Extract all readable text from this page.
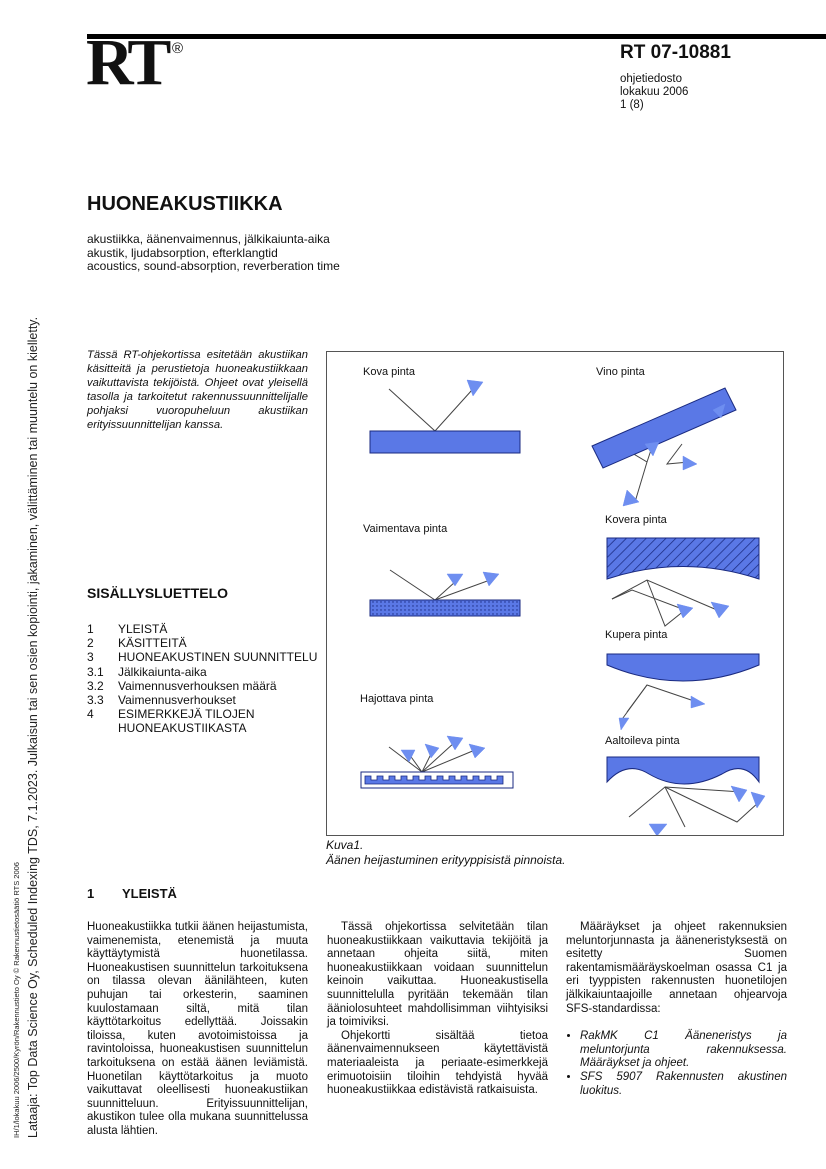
RT ®	RT 07-10881
ohjetiedosto
lokakuu 2006
1 (8)
HUONEAKUSTIIKKA
akustiikka, äänenvaimennus, jälkikaiunta-aika
akustik, ljudabsorption, efterklangtid
acoustics, sound-absorption, reverberation time
Tässä RT-ohjekortissa esitetään akustiikan käsitteitä ja perustietoja huoneakustiikkaan vaikuttavista tekijöistä. Ohjeet ovat yleisellä tasolla ja tarkoitetut rakennussuunnittelijalle pohjaksi vuoropuheluun akustiikan erityissuunnittelijan kanssa.
SISÄLLYSLUETTELO
1	YLEISTÄ
2	KÄSITTEITÄ
3	HUONEAKUSTINEN SUUNNITTELU
3.1	Jälkikaiunta-aika
3.2	Vaimennusverhouksen määrä
3.3	Vaimennusverhoukset
4	ESIMERKKEJÄ TILOJEN
HUONEAKUSTIIKASTA
Kova pinta	Vino pinta
Vaimentava pinta
Kovera pinta
Kupera pinta
Hajottava pinta
Aaltoileva pinta
Kuva1.
Äänen heijastuminen erityyppisistä pinnoista.
1 YLEISTÄ

Huoneakustiikka tutkii äänen heijastumista, vaimenemista, etenemistä ja muuta käyttäytymistä huonetilassa. Huoneakustisen suunnittelun tarkoituksena on tilassa olevan äänilähteen, kuten puhujan tai orkesterin, saaminen kuulostamaan siltä, mitä tilan käyttötarkoitus edellyttää. Joissakin tiloissa, kuten avotoimistoissa ja ravintoloissa, huoneakustisen suunnittelun tarkoituksena on estää äänen leviämistä. Huonetilan käyttötarkoitus ja muoto vaikuttavat oleellisesti huoneakustiikan suunnitteluun. Erityissuunnittelijan, akustikon tulee olla mukana suunnittelussa alusta lähtien.

Tässä ohjekortissa selvitetään tilan huoneakustiikkaan vaikuttavia tekijöitä ja annetaan ohjeita siitä, miten huoneakustiikkaan voidaan suunnittelun keinoin vaikuttaa. Huoneakustisella suunnittelulla pyritään tekemään tilan ääniolosuhteet mahdollisimman viihtyisiksi ja toimiviksi.

Ohjekortti sisältää tietoa äänenvaimennukseen käytettävistä materiaaleista ja periaate-esimerkkejä erimuotoisiin tiloihin tehdyistä hyvää huoneakustiikkaa edistävistä ratkaisuista.

Määräykset ja ohjeet rakennuksien meluntorjunnasta ja ääneneristyksestä on esitetty Suomen rakentamismääräyskoelman osassa C1 ja eri tyyppisten rakennusten huonetilojen jälkikaiuntaajoille annetaan ohjearvoja SFS-standardissa:

• RakMK C1 Ääneneristys ja meluntorjunta rakennuksessa. Määräykset ja ohjeet.
• SFS 5907 Rakennusten akustinen luokitus.
IH/1/lokakuu 2006/2500/Kyrön/Rakennustieto Oy © Rakennustietosäätiö RTS 2006 Lataaja: Top Data Science Oy, Scheduled Indexing TDS, 7.1.2023. Julkaisun tai sen osien kopiointi, jakaminen, välittäminen tai muuntelu on kielletty.
